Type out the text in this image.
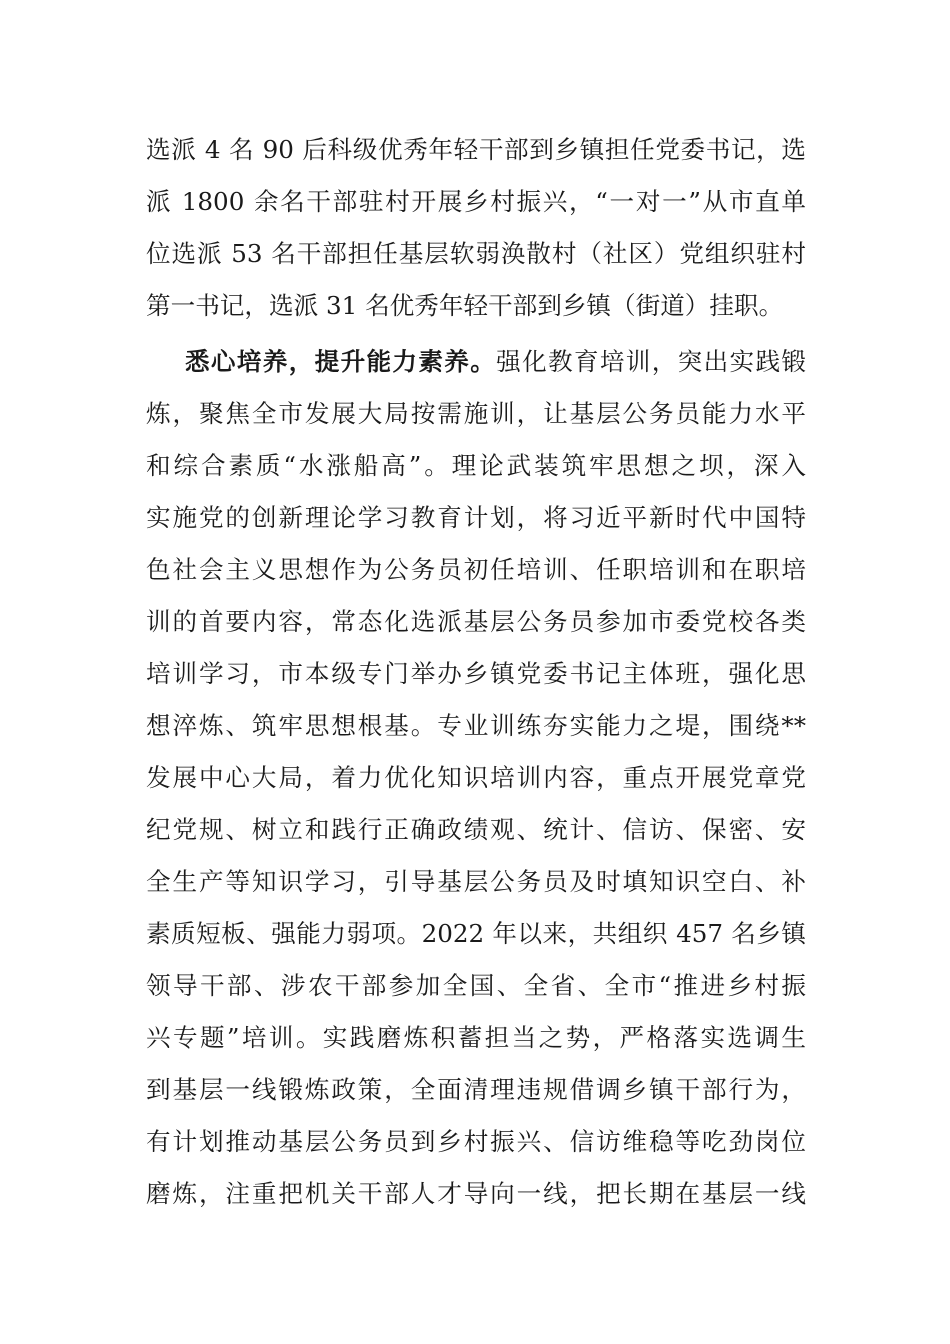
选派 4 名 90 后科级优秀年轻干部到乡镇担任党委书记，选
派 1800 余名干部驻村开展乡村振兴，“一对一”从市直单
位选派 53 名干部担任基层软弱涣散村（社区）党组织驻村
第一书记，选派 31 名优秀年轻干部到乡镇（街道）挂职。
悉心培养，提升能力素养。强化教育培训，突出实践锻
炼，聚焦全市发展大局按需施训，让基层公务员能力水平
和综合素质“水涨船高”。理论武装筑牢思想之坝，深入
实施党的创新理论学习教育计划，将习近平新时代中国特
色社会主义思想作为公务员初任培训、任职培训和在职培
训的首要内容，常态化选派基层公务员参加市委党校各类
培训学习，市本级专门举办乡镇党委书记主体班，强化思
想淬炼、筑牢思想根基。专业训练夯实能力之堤，围绕**
发展中心大局，着力优化知识培训内容，重点开展党章党
纪党规、树立和践行正确政绩观、统计、信访、保密、安
全生产等知识学习，引导基层公务员及时填知识空白、补
素质短板、强能力弱项。2022 年以来，共组织 457 名乡镇
领导干部、涉农干部参加全国、全省、全市“推进乡村振
兴专题”培训。实践磨炼积蓄担当之势，严格落实选调生
到基层一线锻炼政策，全面清理违规借调乡镇干部行为，
有计划推动基层公务员到乡村振兴、信访维稳等吃劲岗位
磨炼，注重把机关干部人才导向一线，把长期在基层一线
